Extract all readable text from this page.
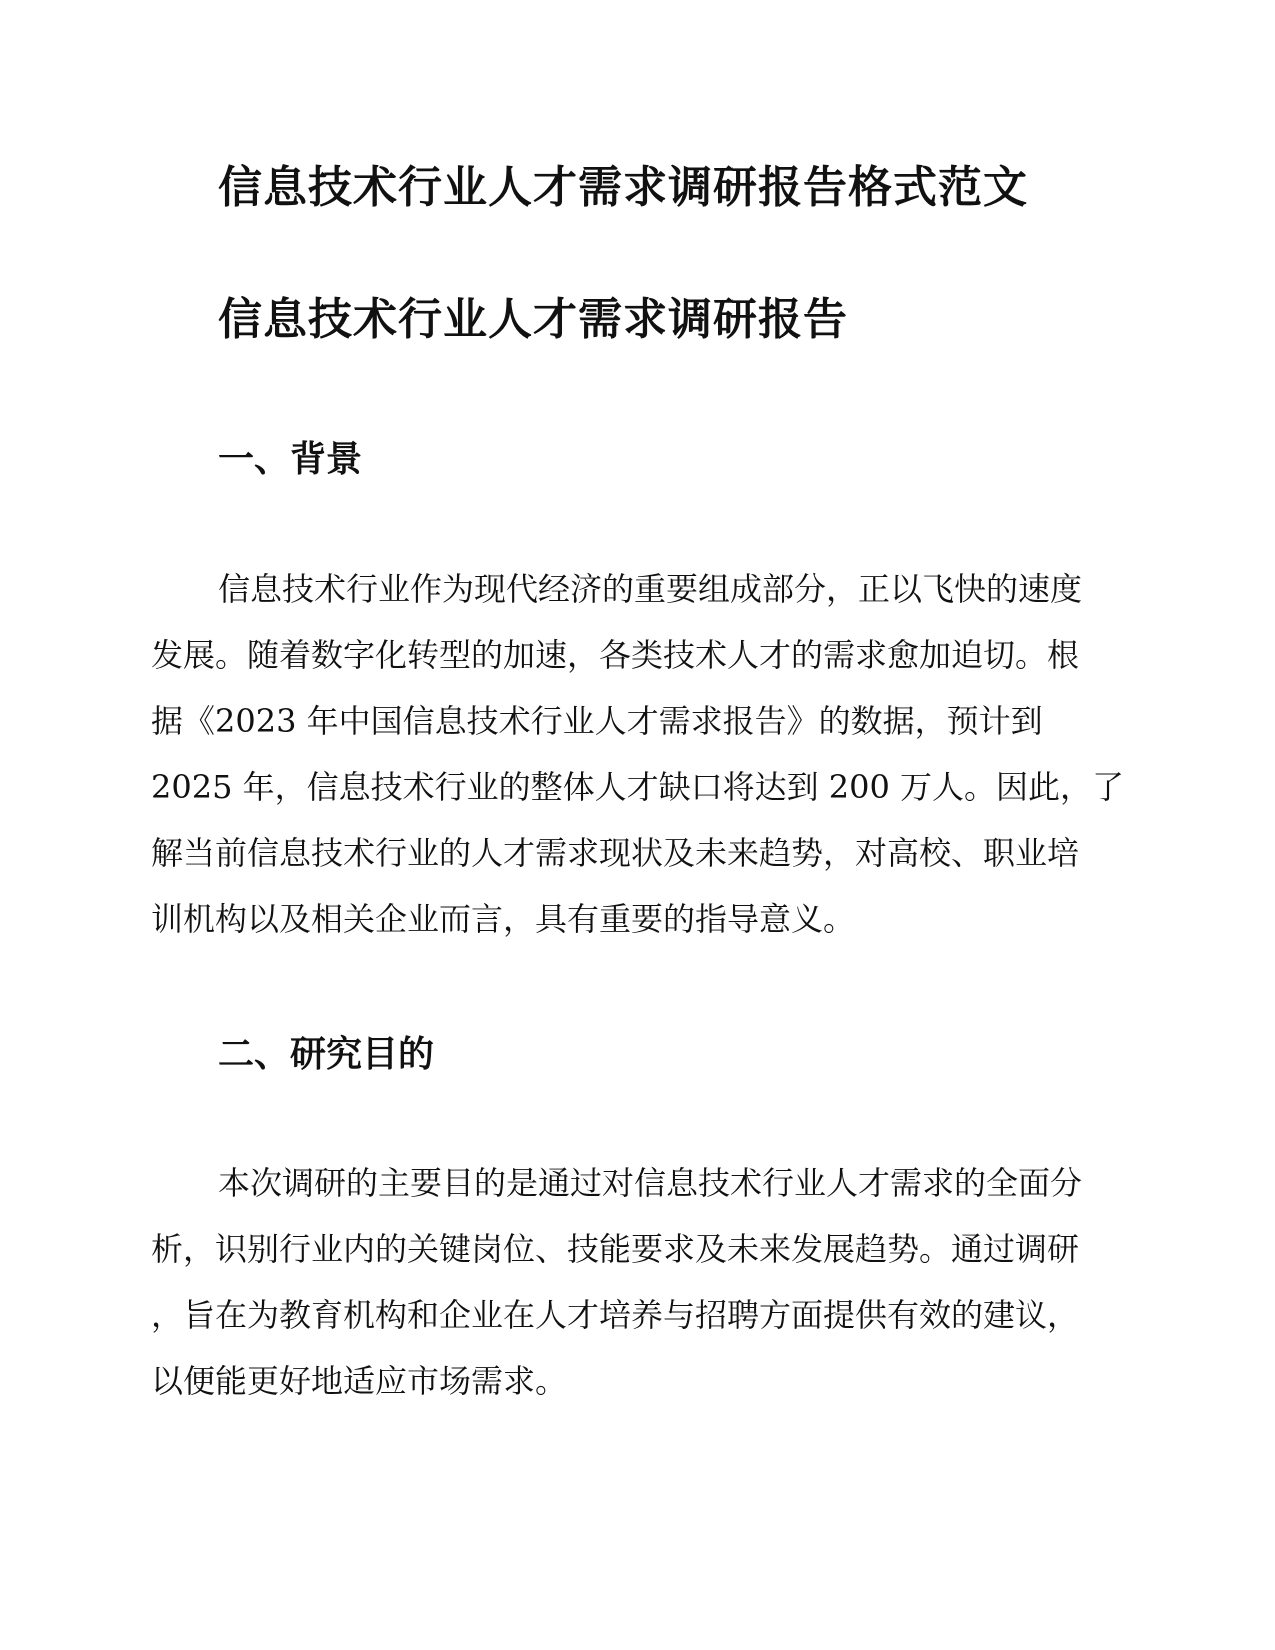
信息技术行业人才需求调研报告格式范文
信息技术行业人才需求调研报告
一、背景
信息技术行业作为现代经济的重要组成部分，正以飞快的速度
发展。随着数字化转型的加速，各类技术人才的需求愈加迫切。根
据《2023 年中国信息技术行业人才需求报告》的数据，预计到
2025 年，信息技术行业的整体人才缺口将达到 200 万人。因此，了
解当前信息技术行业的人才需求现状及未来趋势，对高校、职业培
训机构以及相关企业而言，具有重要的指导意义。
二、研究目的
本次调研的主要目的是通过对信息技术行业人才需求的全面分
析，识别行业内的关键岗位、技能要求及未来发展趋势。通过调研
，旨在为教育机构和企业在人才培养与招聘方面提供有效的建议，
以便能更好地适应市场需求。
